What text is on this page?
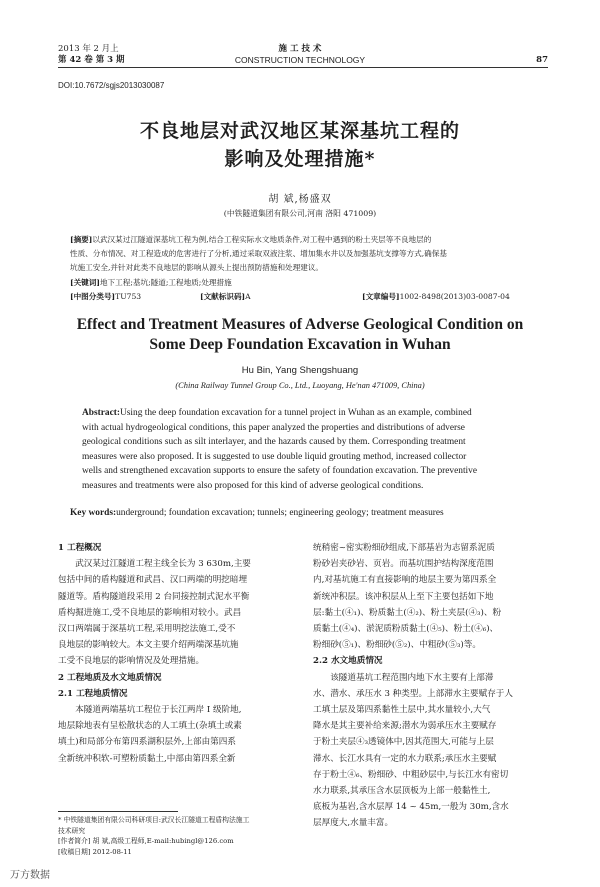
2013 年 2 月上
第 42 卷 第 3 期
施 工 技 术
CONSTRUCTION TECHNOLOGY	87
DOI:10.7672/sgjs2013030087
不良地层对武汉地区某深基坑工程的
影响及处理措施*
胡 斌,杨盛双
(中铁隧道集团有限公司,河南 洛阳 471009)
[摘要]以武汉某过江隧道深基坑工程为例,结合工程实际水文地质条件,对工程中遇到的粉土夹层等不良地层的
性质、分布情况、对工程造成的危害进行了分析,通过采取双液注浆、增加集水井以及加强基坑支撑等方式,确保基
坑施工安全,并针对此类不良地层的影响从源头上提出预防措施和处理建议。
[关键词]地下工程;基坑;隧道;工程地质;处理措施
[中图分类号]TU753	[文献标识码]A	[文章编号]1002-8498(2013)03-0087-04
Effect and Treatment Measures of Adverse Geological Condition on
Some Deep Foundation Excavation in Wuhan
Hu Bin, Yang Shengshuang
(China Railway Tunnel Group Co., Ltd., Luoyang, He'nan 471009, China)
Abstract:Using the deep foundation excavation for a tunnel project in Wuhan as an example, combined
with actual hydrogeological conditions, this paper analyzed the properties and distributions of adverse
geological conditions such as silt interlayer, and the hazards caused by them. Corresponding treatment
measures were also proposed. It is suggested to use double liquid grouting method, increased collector
wells and strengthened excavation supports to ensure the safety of foundation excavation. The preventive
measures and treatments were also proposed for this kind of adverse geological conditions.
Key words:underground; foundation excavation; tunnels; engineering geology; treatment measures
1 工程概况
武汉某过江隧道工程主线全长为 3 630m,主要
包括中间的盾构隧道和武昌、汉口两端的明挖暗埋
隧道等。盾构隧道段采用 2 台同接控制式泥水平衡
盾构掘进施工,受不良地层的影响相对较小。武昌
汉口两端属于深基坑工程,采用明挖法施工,受不
良地层的影响较大。本文主要介绍两端深基坑施
工受不良地层的影响情况及处理措施。
2 工程地质及水文地质情况
2.1 工程地质情况
本隧道两端基坑工程位于长江两岸 I 级阶地,
地层除地表有呈松散状态的人工填土(杂填土或素
填土)和局部分布第四系湖积层外,上部由第四系
全新统冲积软-可塑粉质黏土,中部由第四系全新
* 中铁隧道集团有限公司科研项目:武汉长江隧道工程盾构法施工
技术研究
[作者简介] 胡 斌,高级工程师,E-mail:hubingl@126.com
[收稿日期] 2012-08-11
统稍密~密实粉细砂组成,下部基岩为志留系泥质
粉砂岩夹砂岩、页岩。而基坑围护结构深度范围
内,对基坑施工有直接影响的地层主要为第四系全
新统冲积层。该冲积层从上至下主要包括如下地
层:黏土(④₁)、粉质黏土(④₂)、粉土夹层(④₃)、粉
质黏土(④₄)、淤泥质粉质黏土(④₅)、粉土(④₆)、
粉细砂(⑤₁)、粉细砂(⑤₂)、中粗砂(⑤₃)等。
2.2 水文地质情况
该隧道基坑工程范围内地下水主要有上部滞
水、潜水、承压水 3 种类型。上部滞水主要赋存于人
工填土层及第四系黏性土层中,其水量较小,大气
降水是其主要补给来源;潜水为弱承压水主要赋存
于粉土夹层④₃透镜体中,因其范围大,可能与上层
滞水、长江水具有一定的水力联系;承压水主要赋
存于粉土④₆、粉细砂、中粗砂层中,与长江水有密切
水力联系,其承压含水层顶板为上部一般黏性土,
底板为基岩,含水层厚 14 ~ 45m,一般为 30m,含水
层厚度大,水量丰富。
万方数据
